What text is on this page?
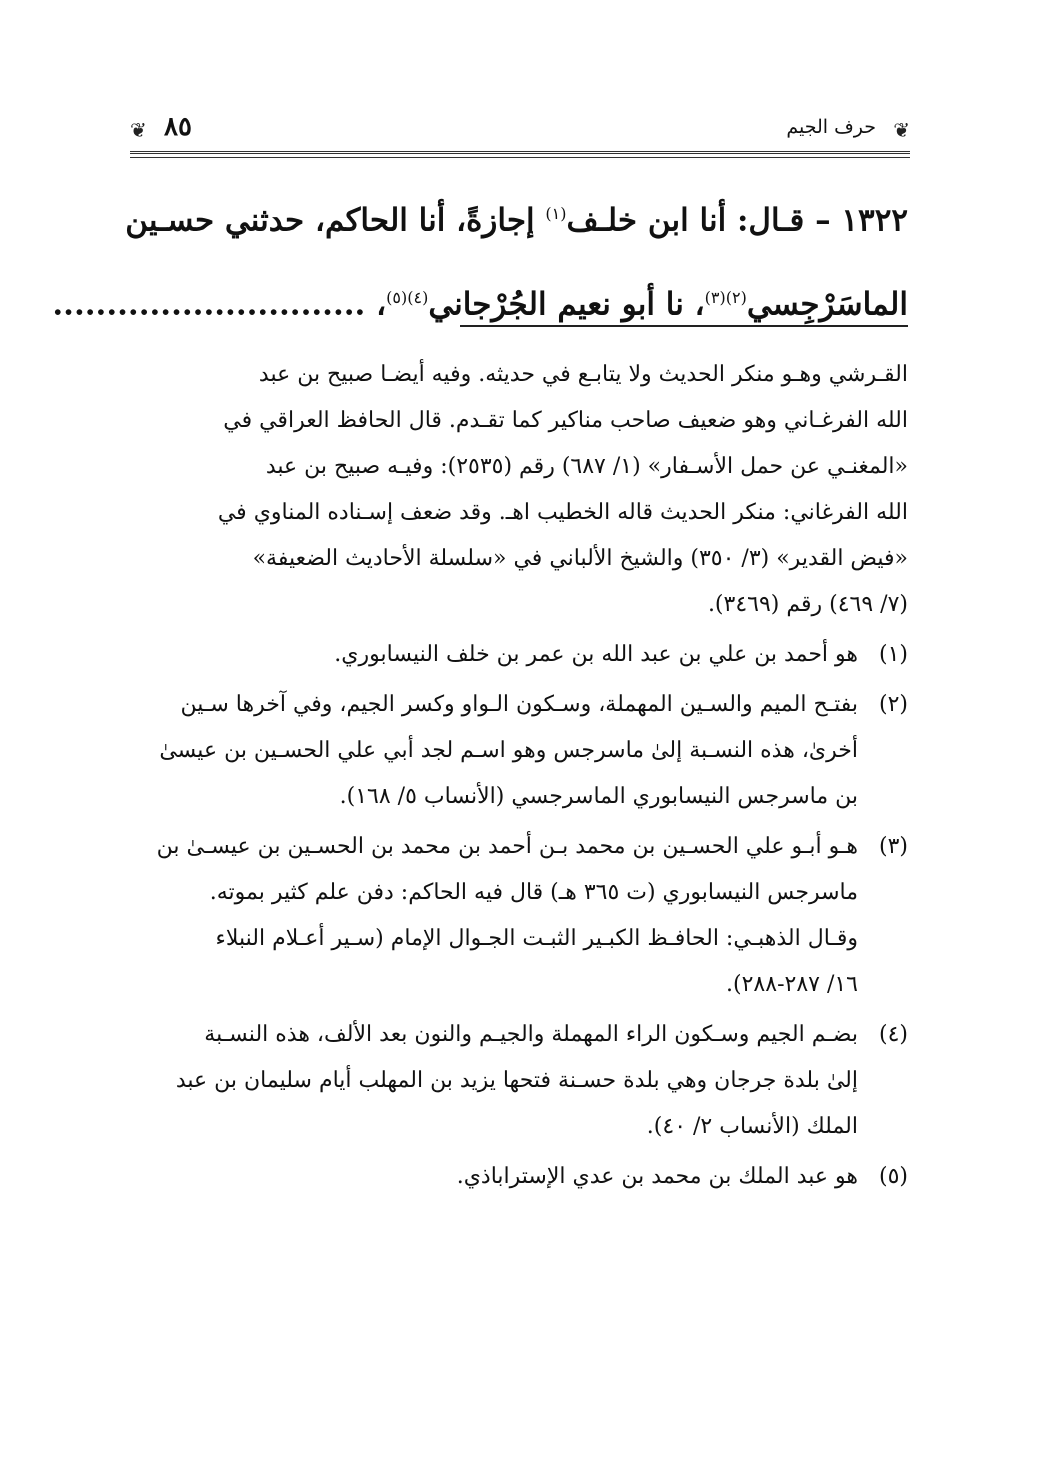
❦ ٨٥	حرف الجيم ❦
١٣٢٢ – قـال: أنا ابن خلـف$^{(١)}$ إجازةً، أنا الحاكم، حدثني حسـين
الماسَرْجِسي$^{(٢)(٣)}$، نا أبو نعيم الجُرْجاني$^{(٤)(٥)}$، .............................
القـرشي وهـو منكر الحديث ولا يتابـع في حديثه. وفيه أيضـا صبيح بن عبد
الله الفرغـاني وهو ضعيف صاحب مناكير كما تقـدم. قال الحافظ العراقي في
«المغنـي عن حمل الأسـفار» (١/ ٦٨٧) رقم (٢٥٣٥): وفيـه صبيح بن عبد
الله الفرغاني: منكر الحديث قاله الخطيب اهـ. وقد ضعف إسـناده المناوي في
«فيض القدير» (٣/ ٣٥٠) والشيخ الألباني في «سلسلة الأحاديث الضعيفة»
(٧/ ٤٦٩) رقم (٣٤٦٩).
(١)
هو أحمد بن علي بن عبد الله بن عمر بن خلف النيسابوري.
(٢)
بفتـح الميم والسـين المهملة، وسـكون الـواو وكسر الجيم، وفي آخرها سـين
أخرىٰ، هذه النسـبة إلىٰ ماسرجس وهو اسـم لجد أبي علي الحسـين بن عيسىٰ
بن ماسرجس النيسابوري الماسرجسي (الأنساب ٥/ ١٦٨).
(٣)
هـو أبـو علي الحسـين بن محمد بـن أحمد بن محمد بن الحسـين بن عيسـىٰ بن
ماسرجس النيسابوري (ت ٣٦٥ هـ) قال فيه الحاكم: دفن علم كثير بموته.
وقـال الذهبـي: الحافـظ الكبـير الثبـت الجـوال الإمام (سـير أعـلام النبلاء
١٦/ ٢٨٧-٢٨٨).
(٤)
بضـم الجيم وسـكون الراء المهملة والجيـم والنون بعد الألف، هذه النسـبة
إلىٰ بلدة جرجان وهي بلدة حسـنة فتحها يزيد بن المهلب أيام سليمان بن عبد
الملك (الأنساب ٢/ ٤٠).
(٥)
هو عبد الملك بن محمد بن عدي الإستراباذي.
